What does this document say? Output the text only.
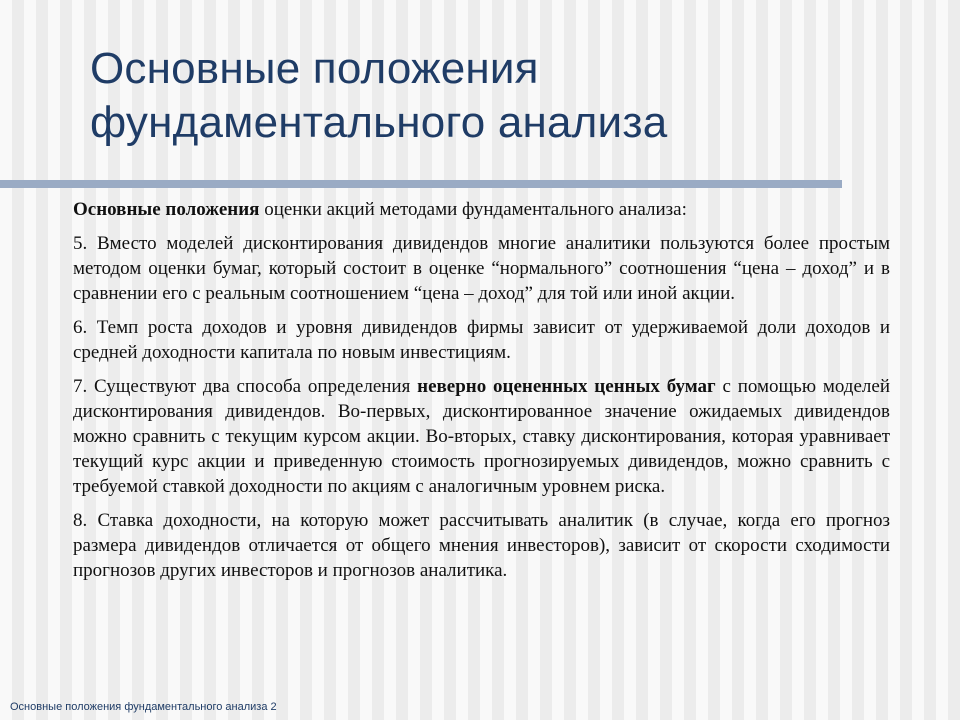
Основные положения
фундаментального анализа

Основные положения оценки акций методами фундаментального анализа:

5. Вместо моделей дисконтирования дивидендов многие аналитики пользуются более простым методом оценки бумаг, который состоит в оценке “нормального” соотношения “цена – доход” и в сравнении его с реальным соотношением “цена – доход” для той или иной акции.

6. Темп роста доходов и уровня дивидендов фирмы зависит от удерживаемой доли доходов и средней доходности капитала по новым инвестициям.

7. Существуют два способа определения неверно оцененных ценных бумаг с помощью моделей дисконтирования дивидендов. Во-первых, дисконтированное значение ожидаемых дивидендов можно сравнить с текущим курсом акции. Во-вторых, ставку дисконтирования, которая уравнивает текущий курс акции и приведенную стоимость прогнозируемых дивидендов, можно сравнить с требуемой ставкой доходности по акциям с аналогичным уровнем риска.

8. Ставка доходности, на которую может рассчитывать аналитик (в случае, когда его прогноз размера дивидендов отличается от общего мнения инвесторов), зависит от скорости сходимости прогнозов других инвесторов и прогнозов аналитика.

Основные положения фундаментального анализа 2
